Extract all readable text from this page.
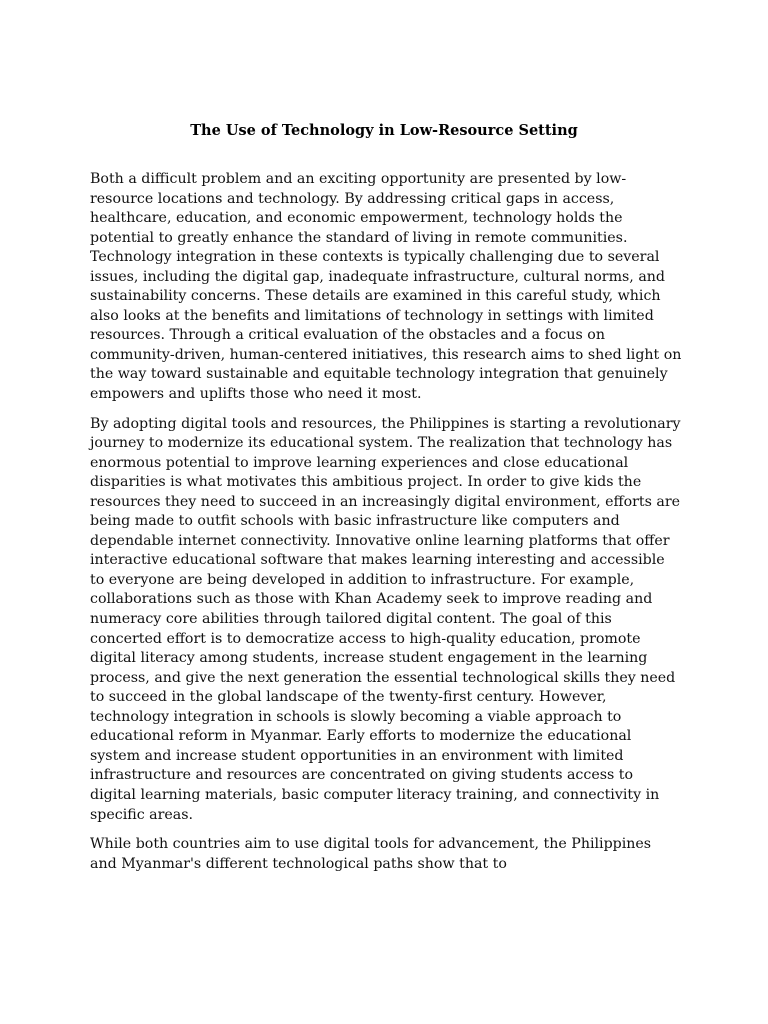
The Use of Technology in Low-Resource Setting

Both a difficult problem and an exciting opportunity are presented by low-resource locations and technology. By addressing critical gaps in access, healthcare, education, and economic empowerment, technology holds the potential to greatly enhance the standard of living in remote communities. Technology integration in these contexts is typically challenging due to several issues, including the digital gap, inadequate infrastructure, cultural norms, and sustainability concerns. These details are examined in this careful study, which also looks at the benefits and limitations of technology in settings with limited resources. Through a critical evaluation of the obstacles and a focus on community-driven, human-centered initiatives, this research aims to shed light on the way toward sustainable and equitable technology integration that genuinely empowers and uplifts those who need it most.

By adopting digital tools and resources, the Philippines is starting a revolutionary journey to modernize its educational system. The realization that technology has enormous potential to improve learning experiences and close educational disparities is what motivates this ambitious project. In order to give kids the resources they need to succeed in an increasingly digital environment, efforts are being made to outfit schools with basic infrastructure like computers and dependable internet connectivity. Innovative online learning platforms that offer interactive educational software that makes learning interesting and accessible to everyone are being developed in addition to infrastructure. For example, collaborations such as those with Khan Academy seek to improve reading and numeracy core abilities through tailored digital content. The goal of this concerted effort is to democratize access to high-quality education, promote digital literacy among students, increase student engagement in the learning process, and give the next generation the essential technological skills they need to succeed in the global landscape of the twenty-first century. However, technology integration in schools is slowly becoming a viable approach to educational reform in Myanmar. Early efforts to modernize the educational system and increase student opportunities in an environment with limited infrastructure and resources are concentrated on giving students access to digital learning materials, basic computer literacy training, and connectivity in specific areas.

While both countries aim to use digital tools for advancement, the Philippines and Myanmar's different technological paths show that to
